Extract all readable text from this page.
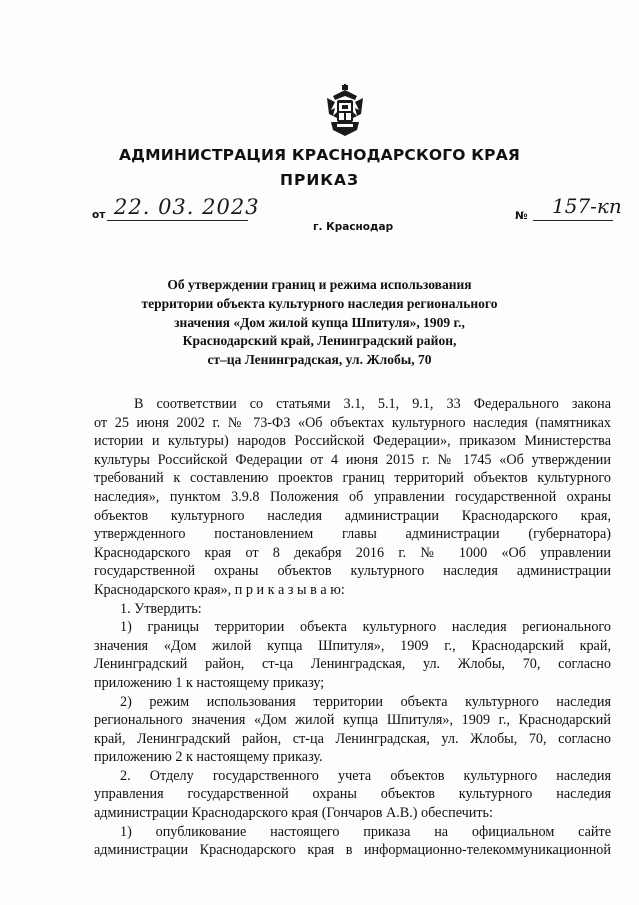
АДМИНИСТРАЦИЯ КРАСНОДАРСКОГО КРАЯ
ПРИКАЗ
от 22. 03. 2023
г. Краснодар
№ 157-кп
Об утверждении границ и режима использования
территории объекта культурного наследия регионального
значения «Дом жилой купца Шпитуля», 1909 г.,
Краснодарский край, Ленинградский район,
ст–ца Ленинградская, ул. Жлобы, 70
В соответствии со статьями 3.1, 5.1, 9.1, 33 Федерального закона
от 25 июня 2002 г. № 73-ФЗ «Об объектах культурного наследия (памятниках
истории и культуры) народов Российской Федерации», приказом Министерства
культуры Российской Федерации от 4 июня 2015 г. № 1745 «Об утверждении
требований к составлению проектов границ территорий объектов культурного
наследия», пунктом 3.9.8 Положения об управлении государственной охраны
объектов культурного наследия администрации Краснодарского края,
утвержденного постановлением главы администрации (губернатора)
Краснодарского края от 8 декабря 2016 г. № 1000 «Об управлении
государственной охраны объектов культурного наследия администрации
Краснодарского края», п р и к а з ы в а ю:
1. Утвердить:
1) границы территории объекта культурного наследия регионального
значения «Дом жилой купца Шпитуля», 1909 г., Краснодарский край,
Ленинградский район, ст-ца Ленинградская, ул. Жлобы, 70, согласно
приложению 1 к настоящему приказу;
2) режим использования территории объекта культурного наследия
регионального значения «Дом жилой купца Шпитуля», 1909 г., Краснодарский
край, Ленинградский район, ст-ца Ленинградская, ул. Жлобы, 70, согласно
приложению 2 к настоящему приказу.
2. Отделу государственного учета объектов культурного наследия
управления государственной охраны объектов культурного наследия
администрации Краснодарского края (Гончаров А.В.) обеспечить:
1) опубликование настоящего приказа на официальном сайте
администрации Краснодарского края в информационно-телекоммуникационной
